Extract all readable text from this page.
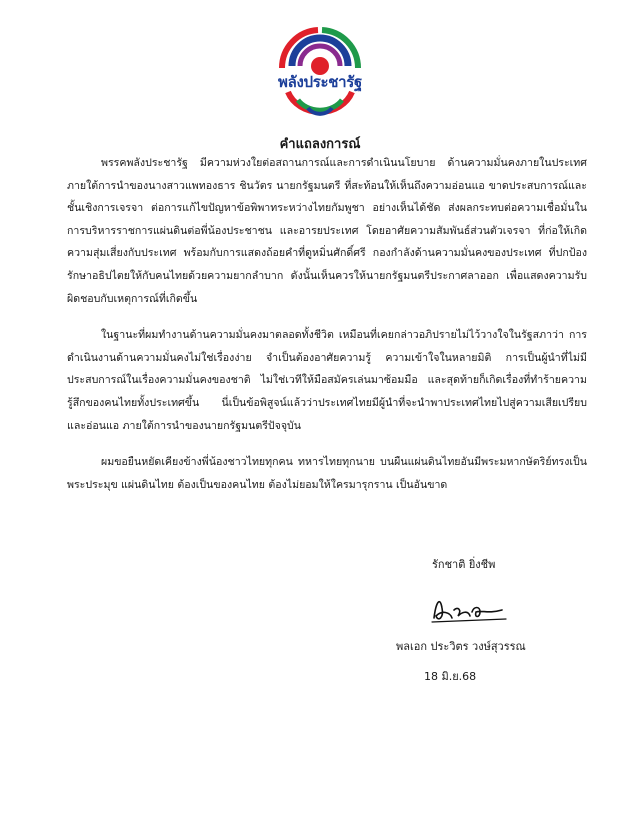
พลังประชารัฐ
คำแถลงการณ์

พรรคพลังประชารัฐ มีความห่วงใยต่อสถานการณ์และการดำเนินนโยบาย ด้านความมั่นคงภายในประเทศ ภายใต้การนำของนางสาวแพทองธาร ชินวัตร นายกรัฐมนตรี ที่สะท้อนให้เห็นถึงความอ่อนแอ ขาดประสบการณ์และชั้นเชิงการเจรจา ต่อการแก้ไขปัญหาข้อพิพาทระหว่างไทยกัมพูชา อย่างเห็นได้ชัด ส่งผลกระทบต่อความเชื่อมั่นในการบริหารราชการแผ่นดินต่อพี่น้องประชาชน และอารยประเทศ โดยอาศัยความสัมพันธ์ส่วนตัวเจรจา ที่ก่อให้เกิดความสุ่มเสี่ยงกับประเทศ พร้อมกับการแสดงถ้อยคำที่ดูหมิ่นศักดิ์ศรี กองกำลังด้านความมั่นคงของประเทศ ที่ปกป้องรักษาอธิปไตยให้กับคนไทยด้วยความยากลำบาก ดังนั้นเห็นควรให้นายกรัฐมนตรีประกาศลาออก เพื่อแสดงความรับผิดชอบกับเหตุการณ์ที่เกิดขึ้น

ในฐานะที่ผมทำงานด้านความมั่นคงมาตลอดทั้งชีวิต เหมือนที่เคยกล่าวอภิปรายไม่ไว้วางใจในรัฐสภาว่า การดำเนินงานด้านความมั่นคงไม่ใช่เรื่องง่าย จำเป็นต้องอาศัยความรู้ ความเข้าใจในหลายมิติ การเป็นผู้นำที่ไม่มีประสบการณ์ในเรื่องความมั่นคงของชาติ ไม่ใช่เวทีให้มือสมัครเล่นมาซ้อมมือ และสุดท้ายก็เกิดเรื่องที่ทำร้ายความรู้สึกของคนไทยทั้งประเทศขึ้น นี่เป็นข้อพิสูจน์แล้วว่าประเทศไทยมีผู้นำที่จะนำพาประเทศไทยไปสู่ความเสียเปรียบ และอ่อนแอ ภายใต้การนำของนายกรัฐมนตรีปัจจุบัน

ผมขอยืนหยัดเคียงข้างพี่น้องชาวไทยทุกคน ทหารไทยทุกนาย บนผืนแผ่นดินไทยอันมีพระมหากษัตริย์ทรงเป็นพระประมุข แผ่นดินไทย ต้องเป็นของคนไทย ต้องไม่ยอมให้ใครมารุกราน เป็นอันขาด

รักชาติ ยิ่งชีพ
พลเอก ประวิตร วงษ์สุวรรณ
18 มิ.ย.68
